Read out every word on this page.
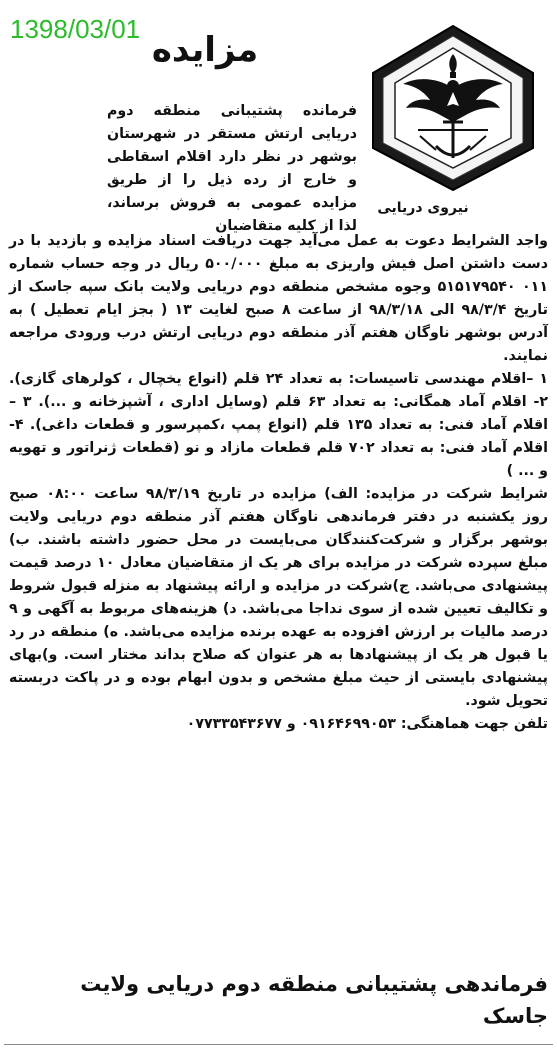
1398/03/01
مزایده
نیروی دریایی
فرمانده پشتیبانی منطقه دوم دریایی ارتش مستقر در شهرستان بوشهر در نظر دارد اقلام اسقاطی و خارج از رده ذیل را از طریق مزایده عمومی به فروش برساند، لذا از کلیه متقاضیان

واجد الشرایط دعوت به عمل می‌آید جهت دریافت اسناد مزایده و بازدید با در دست داشتن اصل فیش واریزی به مبلغ ۵۰۰/۰۰۰ ریال در وجه حساب شماره ۰۱۱ ۵۱۵۱۷۹۵۴۰ وجوه مشخص منطقه دوم دریایی ولایت بانک سپه جاسک از تاریخ ۹۸/۳/۴ الی ۹۸/۳/۱۸ از ساعت ۸ صبح لغایت ۱۳ ( بجز ایام تعطیل ) به آدرس بوشهر ناوگان هفتم آذر منطقه دوم دریایی ارتش درب ورودی مراجعه نمایند.

۱ –اقلام مهندسی تاسیسات: به تعداد ۲۴ قلم (انواع یخچال ، کولرهای گازی). ۲- اقلام آماد همگانی: به تعداد ۶۳ قلم (وسایل اداری ، آشپزخانه و ...). ۳ – اقلام آماد فنی: به تعداد ۱۳۵ قلم (انواع پمپ ،کمپرسور و قطعات داغی). ۴- اقلام آماد فنی: به تعداد ۷۰۲ قلم قطعات مازاد و نو (قطعات ژنراتور و تهویه و ... )

شرایط شرکت در مزایده: الف) مزایده در تاریخ ۹۸/۳/۱۹ ساعت ۰۸:۰۰ صبح روز یکشنبه در دفتر فرماندهی ناوگان هفتم آذر منطقه دوم دریایی ولایت بوشهر برگزار و شرکت‌کنندگان می‌بایست در محل حضور داشته باشند. ب) مبلغ سپرده شرکت در مزایده برای هر یک از متقاضیان معادل ۱۰ درصد قیمت پیشنهادی می‌باشد. ج)شرکت در مزایده و ارائه پیشنهاد به منزله قبول شروط و تکالیف تعیین شده از سوی نداجا می‌باشد. د) هزینه‌های مربوط به آگهی و ۹ درصد مالیات بر ارزش افزوده به عهده برنده مزایده می‌باشد. ه) منطقه در رد یا قبول هر یک از پیشنهادها به هر عنوان که صلاح بداند مختار است. و)بهای پیشنهادی بایستی از حیث مبلغ مشخص و بدون ابهام بوده و در پاکت دربسته تحویل شود.

تلفن جهت هماهنگی: ۰۹۱۶۴۶۹۹۰۵۳ و ۰۷۷۳۳۵۴۳۶۷۷

فرماندهی پشتیبانی منطقه دوم دریایی ولایت جاسک
